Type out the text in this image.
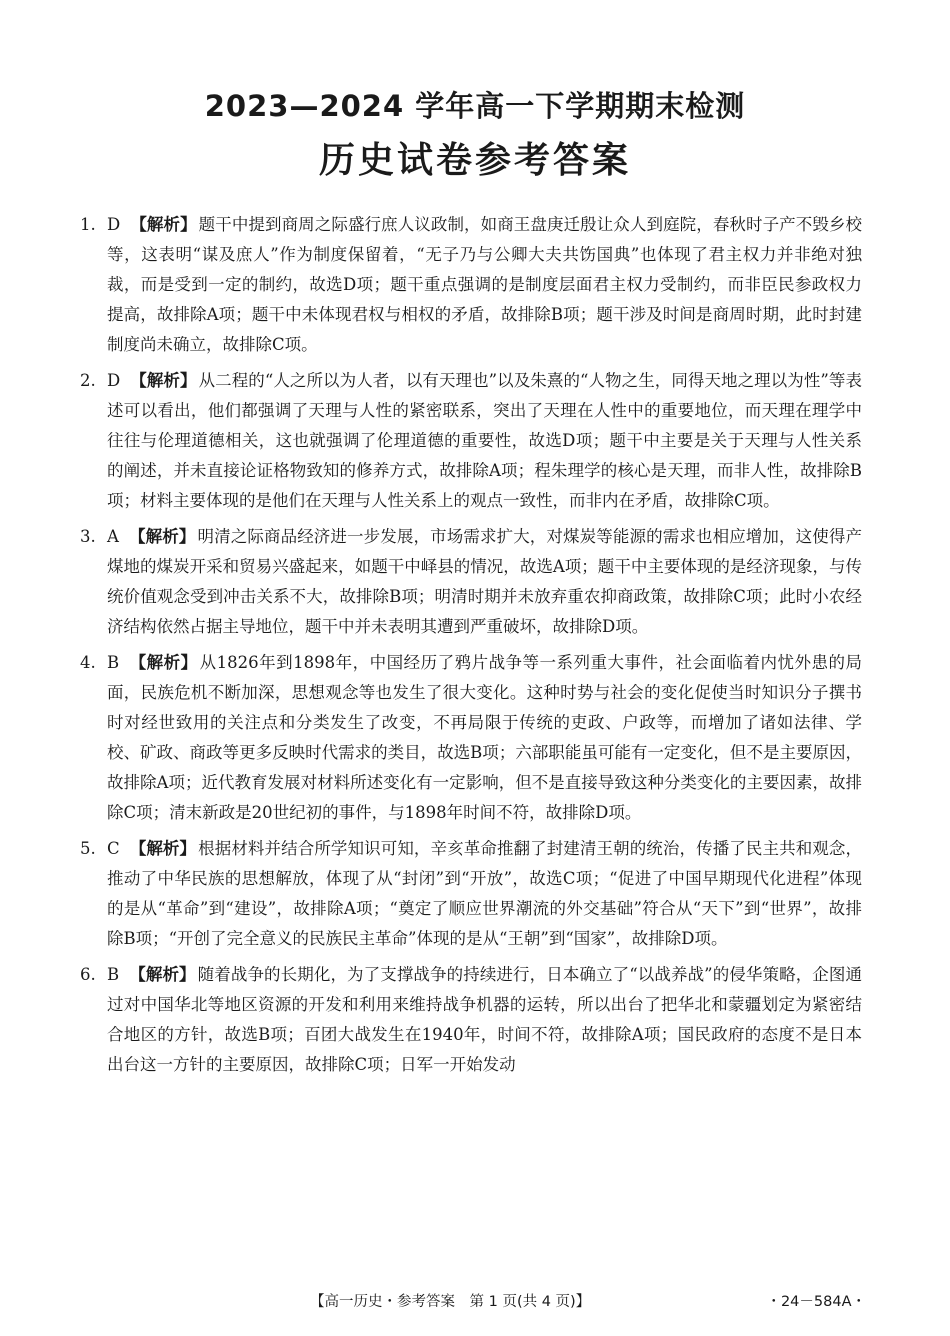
2023—2024 学年高一下学期期末检测
历史试卷参考答案
1. D 【解析】 题干中提到商周之际盛行庶人议政制，如商王盘庚迁殷让众人到庭院，春秋时子产不毁乡校等，这表明“谋及庶人”作为制度保留着，“无子乃与公卿大夫共饬国典”也体现了君主权力并非绝对独裁，而是受到一定的制约，故选D项；题干重点强调的是制度层面君主权力受制约，而非臣民参政权力提高，故排除A项；题干中未体现君权与相权的矛盾，故排除B项；题干涉及时间是商周时期，此时封建制度尚未确立，故排除C项。

2. D 【解析】 从二程的“人之所以为人者，以有天理也”以及朱熹的“人物之生，同得天地之理以为性”等表述可以看出，他们都强调了天理与人性的紧密联系，突出了天理在人性中的重要地位，而天理在理学中往往与伦理道德相关，这也就强调了伦理道德的重要性，故选D项；题干中主要是关于天理与人性关系的阐述，并未直接论证格物致知的修养方式，故排除A项；程朱理学的核心是天理，而非人性，故排除B项；材料主要体现的是他们在天理与人性关系上的观点一致性，而非内在矛盾，故排除C项。

3. A 【解析】 明清之际商品经济进一步发展，市场需求扩大，对煤炭等能源的需求也相应增加，这使得产煤地的煤炭开采和贸易兴盛起来，如题干中峄县的情况，故选A项；题干中主要体现的是经济现象，与传统价值观念受到冲击关系不大，故排除B项；明清时期并未放弃重农抑商政策，故排除C项；此时小农经济结构依然占据主导地位，题干中并未表明其遭到严重破坏，故排除D项。

4. B 【解析】 从1826年到1898年，中国经历了鸦片战争等一系列重大事件，社会面临着内忧外患的局面，民族危机不断加深，思想观念等也发生了很大变化。这种时势与社会的变化促使当时知识分子撰书时对经世致用的关注点和分类发生了改变，不再局限于传统的吏政、户政等，而增加了诸如法律、学校、矿政、商政等更多反映时代需求的类目，故选B项；六部职能虽可能有一定变化，但不是主要原因，故排除A项；近代教育发展对材料所述变化有一定影响，但不是直接导致这种分类变化的主要因素，故排除C项；清末新政是20世纪初的事件，与1898年时间不符，故排除D项。

5. C 【解析】 根据材料并结合所学知识可知，辛亥革命推翻了封建清王朝的统治，传播了民主共和观念，推动了中华民族的思想解放，体现了从“封闭”到“开放”，故选C项；“促进了中国早期现代化进程”体现的是从“革命”到“建设”，故排除A项；“奠定了顺应世界潮流的外交基础”符合从“天下”到“世界”，故排除B项；“开创了完全意义的民族民主革命”体现的是从“王朝”到“国家”，故排除D项。

6. B 【解析】 随着战争的长期化，为了支撑战争的持续进行，日本确立了“以战养战”的侵华策略，企图通过对中国华北等地区资源的开发和利用来维持战争机器的运转，所以出台了把华北和蒙疆划定为紧密结合地区的方针，故选B项；百团大战发生在1940年，时间不符，故排除A项；国民政府的态度不是日本出台这一方针的主要原因，故排除C项；日军一开始发动

【高一历史・参考答案　第 1 页(共 4 页)】	・24－584A・
